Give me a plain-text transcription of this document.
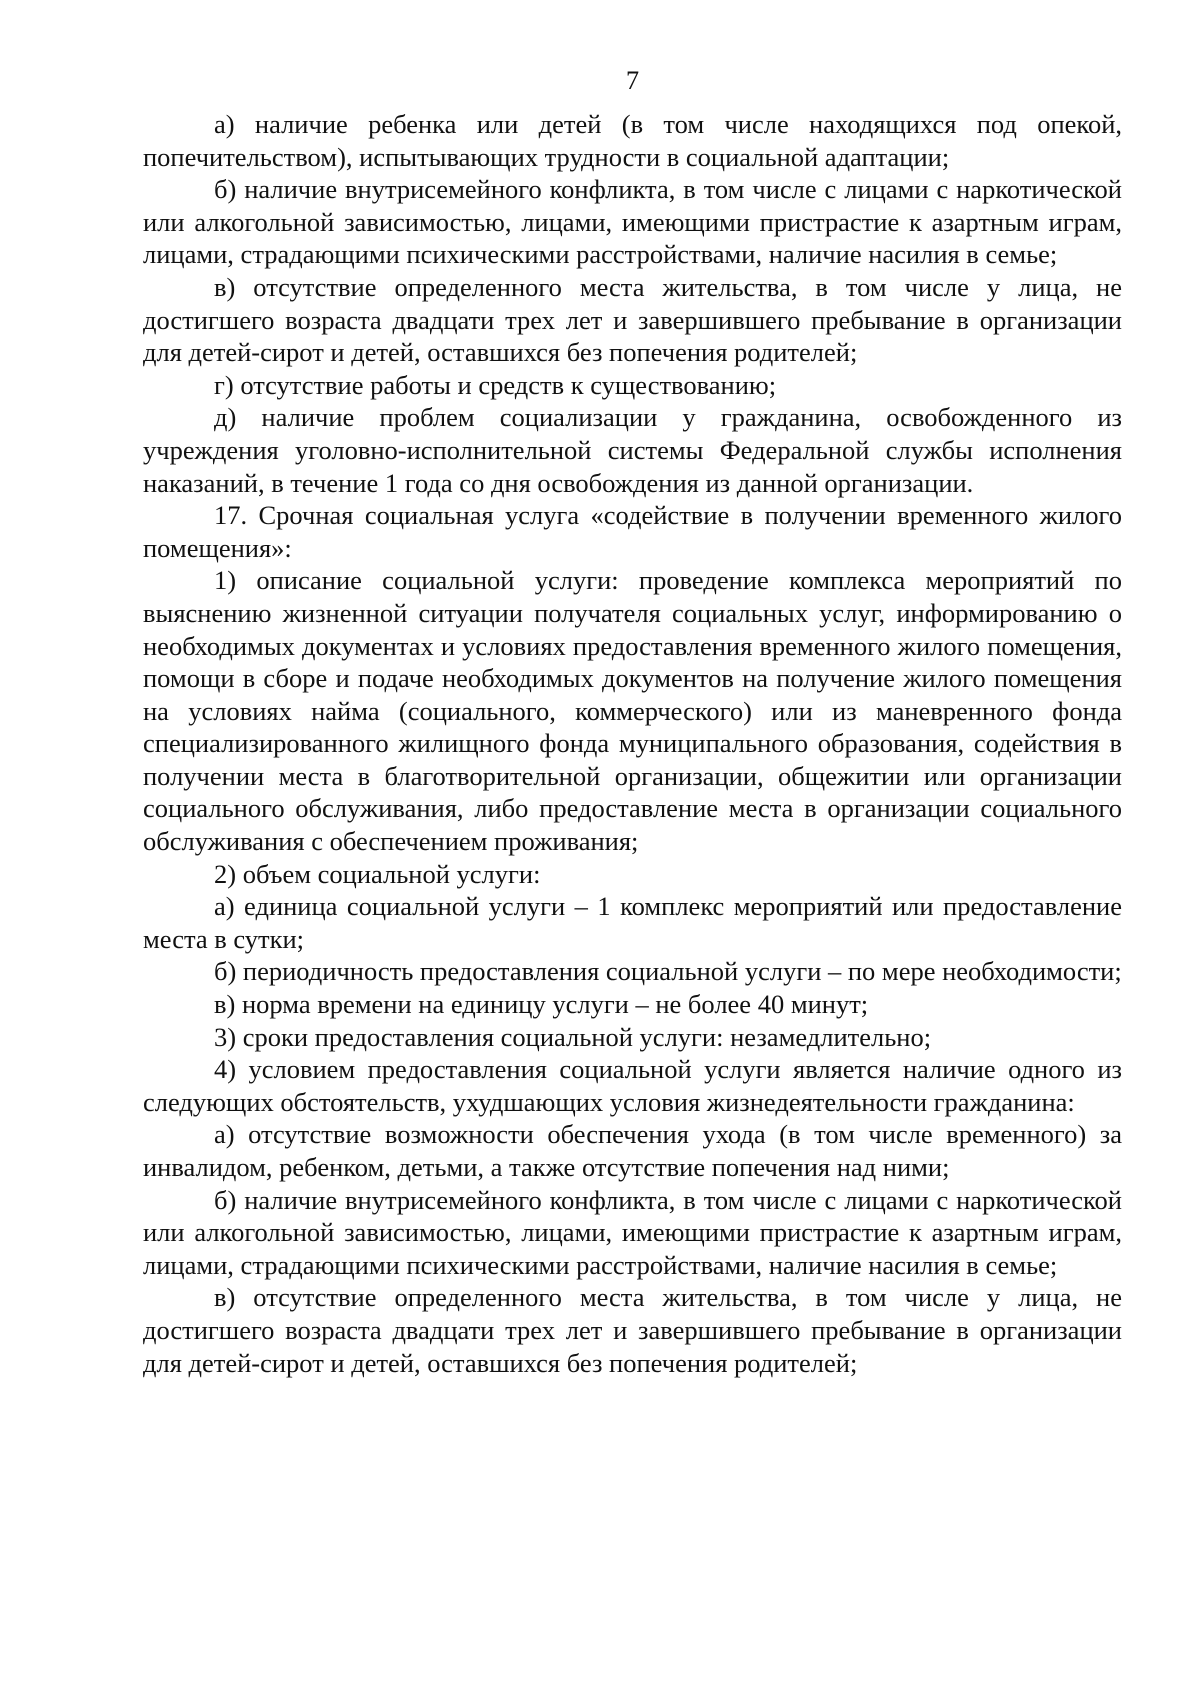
7

а) наличие ребенка или детей (в том числе находящихся под опекой, попечительством), испытывающих трудности в социальной адаптации;

б) наличие внутрисемейного конфликта, в том числе с лицами с наркотической или алкогольной зависимостью, лицами, имеющими пристрастие к азартным играм, лицами, страдающими психическими расстройствами, наличие насилия в семье;

в) отсутствие определенного места жительства, в том числе у лица, не достигшего возраста двадцати трех лет и завершившего пребывание в организации для детей-сирот и детей, оставшихся без попечения родителей;

г) отсутствие работы и средств к существованию;

д) наличие проблем социализации у гражданина, освобожденного из учреждения уголовно-исполнительной системы Федеральной службы исполнения наказаний, в течение 1 года со дня освобождения из данной организации.

17. Срочная социальная услуга «содействие в получении временного жилого помещения»:

1) описание социальной услуги: проведение комплекса мероприятий по выяснению жизненной ситуации получателя социальных услуг, информированию о необходимых документах и условиях предоставления временного жилого помещения, помощи в сборе и подаче необходимых документов на получение жилого помещения на условиях найма (социального, коммерческого) или из маневренного фонда специализированного жилищного фонда муниципального образования, содействия в получении места в благотворительной организации, общежитии или организации социального обслуживания, либо предоставление места в организации социального обслуживания с обеспечением проживания;

2) объем социальной услуги:

а) единица социальной услуги – 1 комплекс мероприятий или предоставление места в сутки;

б) периодичность предоставления социальной услуги – по мере необходимости;

в) норма времени на единицу услуги – не более 40 минут;

3) сроки предоставления социальной услуги: незамедлительно;

4) условием предоставления социальной услуги является наличие одного из следующих обстоятельств, ухудшающих условия жизнедеятельности гражданина:

а) отсутствие возможности обеспечения ухода (в том числе временного) за инвалидом, ребенком, детьми, а также отсутствие попечения над ними;

б) наличие внутрисемейного конфликта, в том числе с лицами с наркотической или алкогольной зависимостью, лицами, имеющими пристрастие к азартным играм, лицами, страдающими психическими расстройствами, наличие насилия в семье;

в) отсутствие определенного места жительства, в том числе у лица, не достигшего возраста двадцати трех лет и завершившего пребывание в организации для детей-сирот и детей, оставшихся без попечения родителей;
